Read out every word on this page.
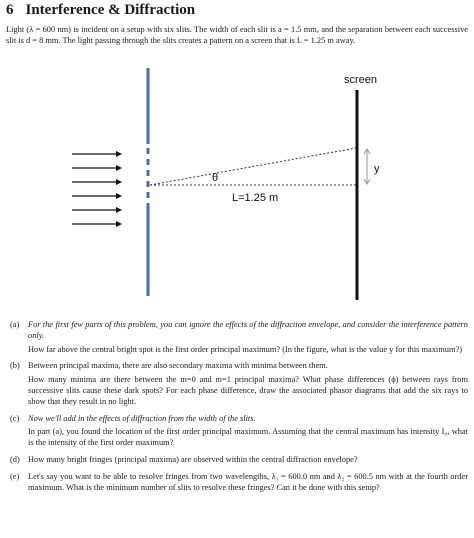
6 Interference & Diffraction

Light (λ = 600 nm) is incident on a setup with six slits. The width of each slit is a = 1.5 mm, and the separation between each successive slit is d = 8 mm. The light passing through the slits creates a pattern on a screen that is L = 1.25 m away.

θ
L=1.25 m
screen
y
(a) For the first few parts of this problem, you can ignore the effects of the diffraction envelope, and consider the interference pattern only.

How far above the central bright spot is the first order principal maximum? (In the figure, what is the value y for this maximum?)

(b) Between principal maxima, there are also secondary maxima with minima between them.

How many minima are there between the m=0 and m=1 principal maxima? What phase differences (ϕ) between rays from successive slits cause these dark spots? For each phase difference, draw the associated phasor diagrams that add the six rays to show that they result in no light.

(c) Now we'll add in the effects of diffraction from the width of the slits.

In part (a), you found the location of the first order principal maximum. Assuming that the central maximum has intensity I₀, what is the intensity of the first order maximum?

(d) How many bright fringes (principal maxima) are observed within the central diffraction envelope?

(e) Let's say you want to be able to resolve fringes from two wavelengths, λ₁ = 600.0 nm and λ₂ = 600.5 nm with at the fourth order maximum. What is the minimum number of slits to resolve these fringes? Can it be done with this setup?
